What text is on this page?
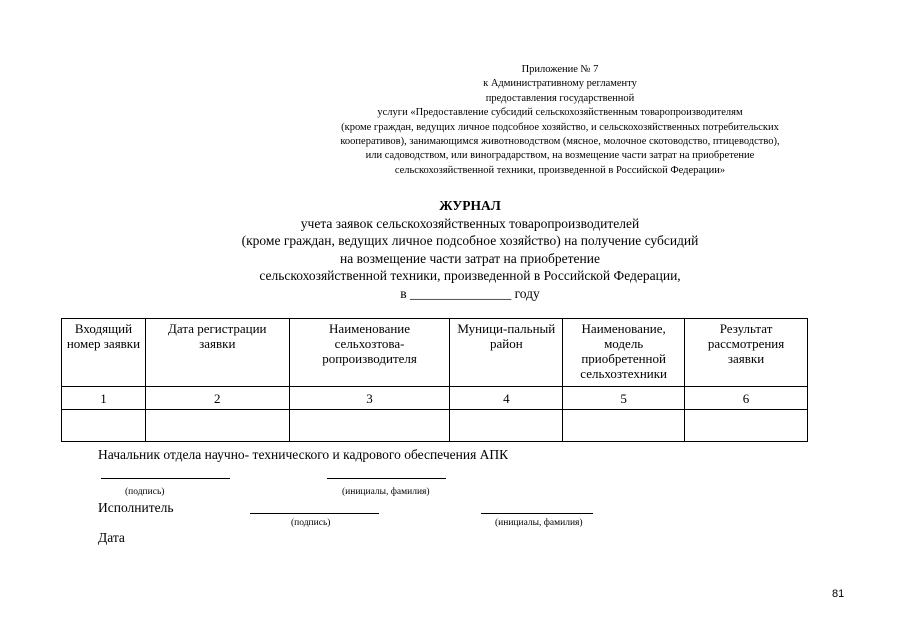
Приложение № 7
к Административному регламенту
предоставления государственной
услуги «Предоставление субсидий сельскохозяйственным товаропроизводителям
(кроме граждан, ведущих личное подсобное хозяйство, и сельскохозяйственных потребительских
кооперативов), занимающимся животноводством (мясное, молочное скотоводство, птицеводство),
или садоводством, или виноградарством, на возмещение части затрат на приобретение
сельскохозяйственной техники, произведенной в Российской Федерации»
ЖУРНАЛ
учета заявок сельскохозяйственных товаропроизводителей
(кроме граждан, ведущих личное подсобное хозяйство) на получение субсидий
на возмещение части затрат на приобретение
сельскохозяйственной техники, произведенной в Российской Федерации,
в _______________ году
Входящий номер заявки	Дата регистрации заявки	Наименование сельхозтова-ропроизводителя	Муници-пальный район	Наименование, модель приобретенной сельхозтехники	Результат рассмотрения заявки
1	2	3	4	5	6

Начальник отдела научно- технического и кадрового обеспечения АПК
(подпись)	(инициалы, фамилия)
Исполнитель
(подпись)	(инициалы, фамилия)
Дата
81
